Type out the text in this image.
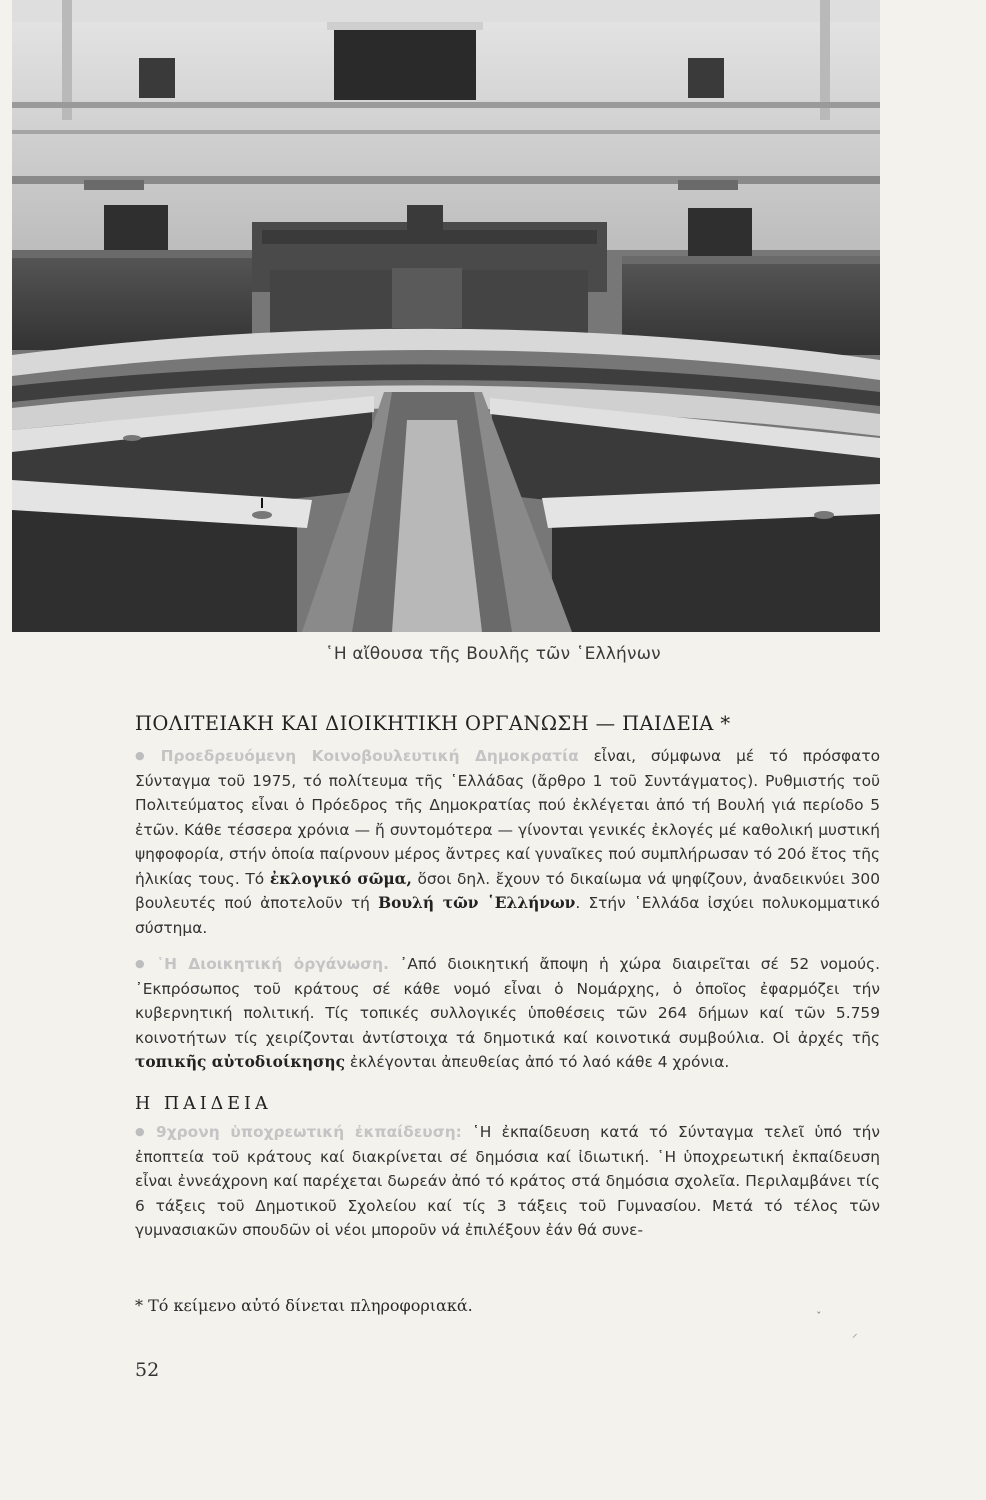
῾Η αἴθουσα τῆς Βουλῆς τῶν ῾Ελλήνων
ΠΟΛΙΤΕΙΑΚΗ ΚΑΙ ΔΙΟΙΚΗΤΙΚΗ ΟΡΓΑΝΩΣΗ — ΠΑΙΔΕΙΑ *
● Προεδρευόμενη Κοινοβουλευτική Δημοκρατία εἶναι, σύμφωνα μέ τό πρόσφατο Σύνταγμα τοῦ 1975, τό πολίτευμα τῆς ῾Ελλάδας (ἄρθρο 1 τοῦ Συντάγματος). Ρυθμιστής τοῦ Πολιτεύματος εἶναι ὁ Πρόεδρος τῆς Δημοκρατίας πού ἐκλέγεται ἀπό τή Βουλή γιά περίοδο 5 ἐτῶν. Κάθε τέσσερα χρόνια — ἤ συντομότερα — γίνονται γενικές ἐκλογές μέ καθολική μυστική ψηφοφορία, στήν ὁποία παίρνουν μέρος ἄντρες καί γυναῖκες πού συμπλήρωσαν τό 20ό ἔτος τῆς ἡλικίας τους. Τό ἐκλογικό σῶμα, ὅσοι δηλ. ἔχουν τό δικαίωμα νά ψηφίζουν, ἀναδεικνύει 300 βουλευτές πού ἀποτελοῦν τή Βουλή τῶν ῾Ελλήνων. Στήν ῾Ελλάδα ἰσχύει πολυκομματικό σύστημα.
● ῾Η Διοικητική ὀργάνωση. ᾿Από διοικητική ἄποψη ἡ χώρα διαιρεῖται σέ 52 νομούς. ᾿Εκπρόσωπος τοῦ κράτους σέ κάθε νομό εἶναι ὁ Νομάρχης, ὁ ὁποῖος ἐφαρμόζει τήν κυβερνητική πολιτική. Τίς τοπικές συλλογικές ὑποθέσεις τῶν 264 δήμων καί τῶν 5.759 κοινοτήτων τίς χειρίζονται ἀντίστοιχα τά δημοτικά καί κοινοτικά συμβούλια. Οἱ ἀρχές τῆς τοπικῆς αὐτοδιοίκησης ἐκλέγονται ἀπευθείας ἀπό τό λαό κάθε 4 χρόνια.
Η ΠΑΙΔΕΙΑ
● 9χρονη ὑποχρεωτική ἐκπαίδευση: ῾Η ἐκπαίδευση κατά τό Σύνταγμα τελεῖ ὑπό τήν ἐποπτεία τοῦ κράτους καί διακρίνεται σέ δημόσια καί ἰδιωτική. ῾Η ὑποχρεωτική ἐκπαίδευση εἶναι ἐννεάχρονη καί παρέχεται δωρεάν ἀπό τό κράτος στά δημόσια σχολεῖα. Περιλαμβάνει τίς 6 τάξεις τοῦ Δημοτικοῦ Σχολείου καί τίς 3 τάξεις τοῦ Γυμνασίου. Μετά τό τέλος τῶν γυμνασιακῶν σπουδῶν οἱ νέοι μποροῦν νά ἐπιλέξουν ἐάν θά συνε-
* Τό κείμενο αὐτό δίνεται πληροφοριακά.
ˇ
⸝
52
